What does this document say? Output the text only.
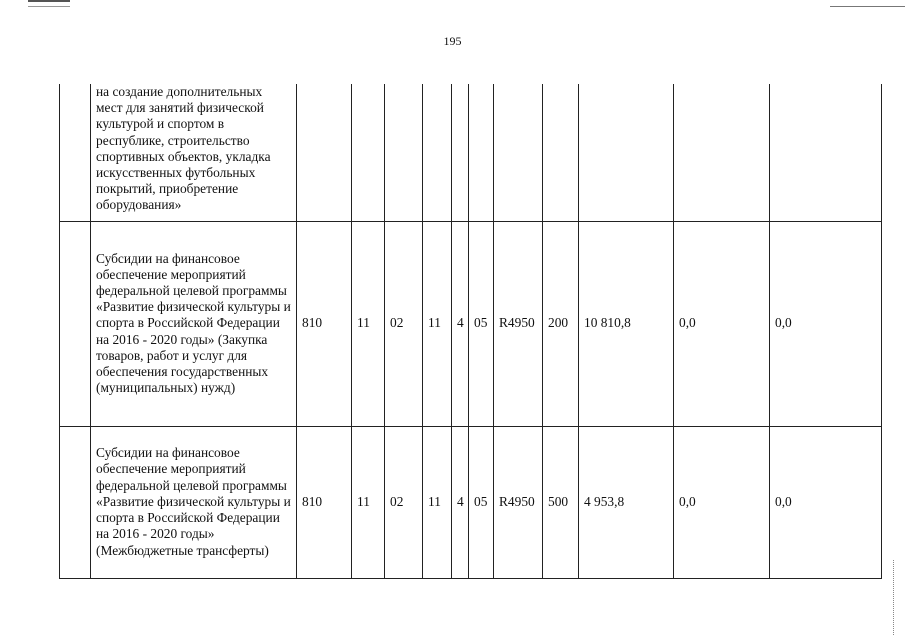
195
	на создание дополнительных мест для занятий физической культурой и спортом в республике, строительство спортивных объектов, укладка искусственных футбольных покрытий, приобретение оборудования»											
	Субсидии на финансовое обеспечение мероприятий федеральной целевой программы «Развитие физической культуры и спорта в Российской Федерации на 2016 - 2020 годы» (Закупка товаров, работ и услуг для обеспечения государственных (муниципальных) нужд)	810	11	02	11	4	05	R4950	200	10 810,8	0,0	0,0
	Субсидии на финансовое обеспечение мероприятий федеральной целевой программы «Развитие физической культуры и спорта в Российской Федерации на 2016 - 2020 годы» (Межбюджетные трансферты)	810	11	02	11	4	05	R4950	500	4 953,8	0,0	0,0
